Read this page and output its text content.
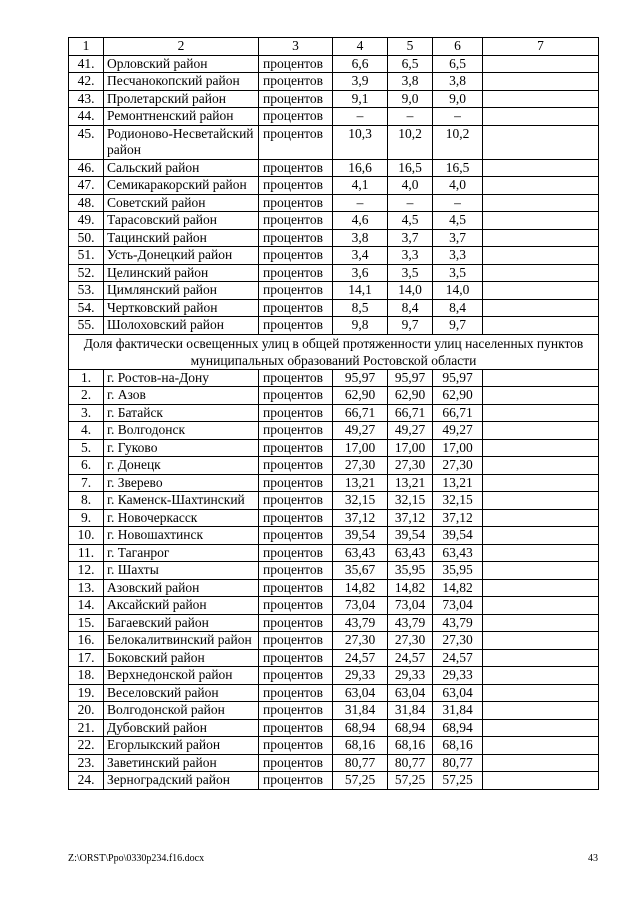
1	2	3	4	5	6	7
41.	Орловский район	процентов	6,6	6,5	6,5	
42.	Песчанокопский район	процентов	3,9	3,8	3,8	
43.	Пролетарский район	процентов	9,1	9,0	9,0	
44.	Ремонтненский район	процентов	–	–	–	
45.	Родионово-Несветайский район	процентов	10,3	10,2	10,2	
46.	Сальский район	процентов	16,6	16,5	16,5	
47.	Семикаракорский район	процентов	4,1	4,0	4,0	
48.	Советский район	процентов	–	–	–	
49.	Тарасовский район	процентов	4,6	4,5	4,5	
50.	Тацинский район	процентов	3,8	3,7	3,7	
51.	Усть-Донецкий район	процентов	3,4	3,3	3,3	
52.	Целинский район	процентов	3,6	3,5	3,5	
53.	Цимлянский район	процентов	14,1	14,0	14,0	
54.	Чертковский район	процентов	8,5	8,4	8,4	
55.	Шолоховский район	процентов	9,8	9,7	9,7	
Доля фактически освещенных улиц в общей протяженности улиц населенных пунктов муниципальных образований Ростовской области						
1.	г. Ростов-на-Дону	процентов	95,97	95,97	95,97	
2.	г. Азов	процентов	62,90	62,90	62,90	
3.	г. Батайск	процентов	66,71	66,71	66,71	
4.	г. Волгодонск	процентов	49,27	49,27	49,27	
5.	г. Гуково	процентов	17,00	17,00	17,00	
6.	г. Донецк	процентов	27,30	27,30	27,30	
7.	г. Зверево	процентов	13,21	13,21	13,21	
8.	г. Каменск-Шахтинский	процентов	32,15	32,15	32,15	
9.	г. Новочеркасск	процентов	37,12	37,12	37,12	
10.	г. Новошахтинск	процентов	39,54	39,54	39,54	
11.	г. Таганрог	процентов	63,43	63,43	63,43	
12.	г. Шахты	процентов	35,67	35,95	35,95	
13.	Азовский район	процентов	14,82	14,82	14,82	
14.	Аксайский район	процентов	73,04	73,04	73,04	
15.	Багаевский район	процентов	43,79	43,79	43,79	
16.	Белокалитвинский район	процентов	27,30	27,30	27,30	
17.	Боковский район	процентов	24,57	24,57	24,57	
18.	Верхнедонской район	процентов	29,33	29,33	29,33	
19.	Веселовский район	процентов	63,04	63,04	63,04	
20.	Волгодонской район	процентов	31,84	31,84	31,84	
21.	Дубовский район	процентов	68,94	68,94	68,94	
22.	Егорлыкский район	процентов	68,16	68,16	68,16	
23.	Заветинский район	процентов	80,77	80,77	80,77	
24.	Зерноградский район	процентов	57,25	57,25	57,25	
Z:\ORST\Ppo\0330p234.f16.docx	43
